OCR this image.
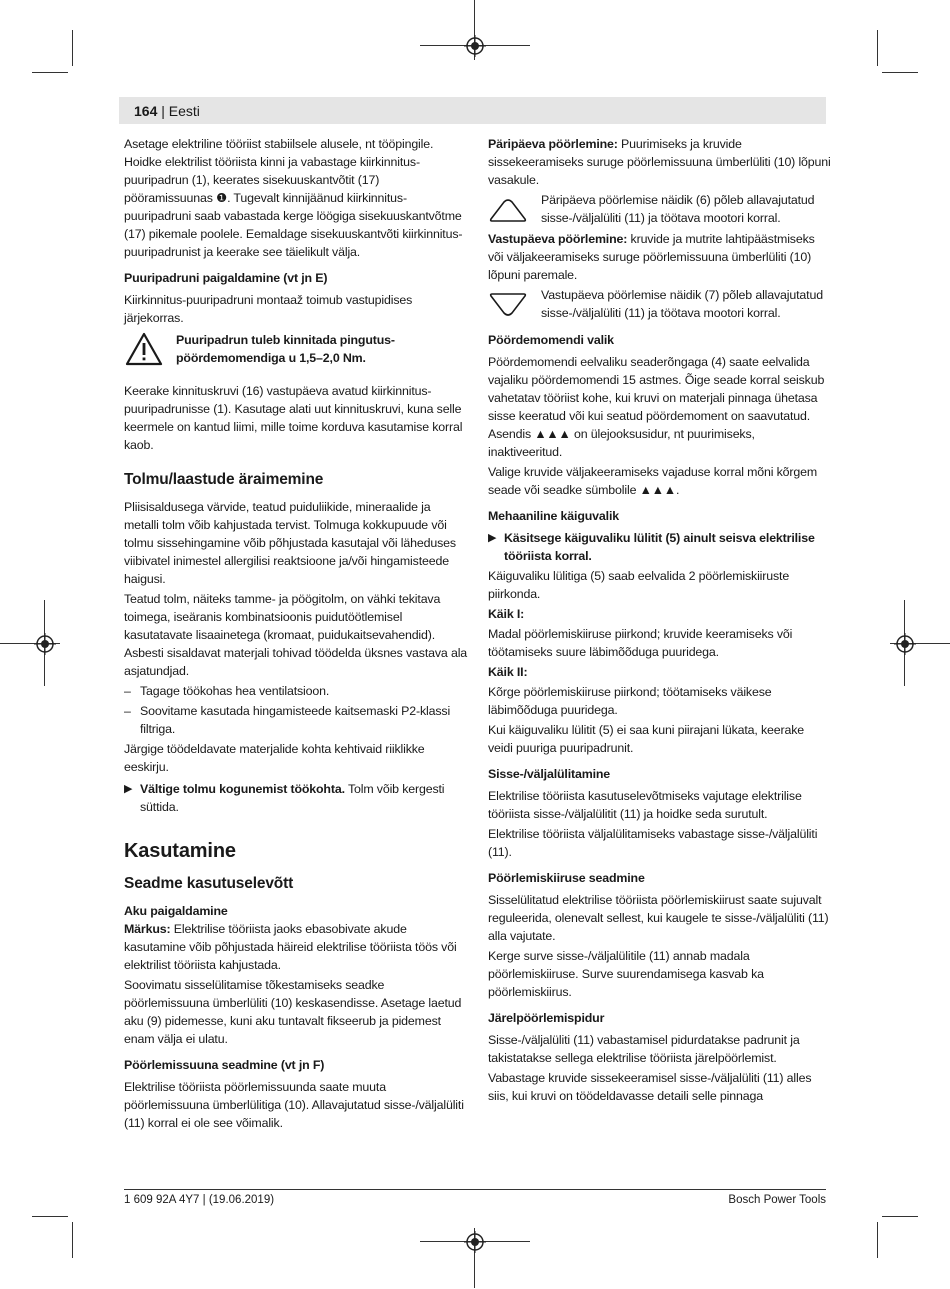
164 | Eesti

Asetage elektriline tööriist stabiilsele alusele, nt tööpingile. Hoidke elektrilist tööriista kinni ja vabastage kiirkinnitus-puuripadrun (1), keerates sisekuuskantvõtit (17) pööramissuunas ❶. Tugevalt kinnijäänud kiirkinnitus-puuripadruni saab vabastada kerge löögiga sisekuuskantvõtme (17) pikemale poolele. Eemaldage sisekuuskantvõti kiirkinnitus-puuripadrunist ja keerake see täielikult välja.

Puuripadruni paigaldamine (vt jn E)

Kiirkinnitus-puuripadruni montaaž toimub vastupidises järjekorras.

Puuripadrun tuleb kinnitada pingutus-pöördemomendiga u 1,5–2,0 Nm.

Keerake kinnituskruvi (16) vastupäeva avatud kiirkinnitus-puuripadrunisse (1). Kasutage alati uut kinnituskruvi, kuna selle keermele on kantud liimi, mille toime korduva kasutamise korral kaob.

Tolmu/laastude äraimemine

Pliisisaldusega värvide, teatud puiduliikide, mineraalide ja metalli tolm võib kahjustada tervist. Tolmuga kokkupuude või tolmu sissehingamine võib põhjustada kasutajal või läheduses viibivatel inimestel allergilisi reaktsioone ja/või hingamisteede haigusi.

Teatud tolm, näiteks tamme- ja pöögitolm, on vähki tekitava toimega, iseäranis kombinatsioonis puidutöötlemisel kasutatavate lisaainetega (kromaat, puidukaitsevahendid). Asbesti sisaldavat materjali tohivad töödelda üksnes vastava ala asjatundjad.

– Tagage töökohas hea ventilatsioon.
– Soovitame kasutada hingamisteede kaitsemaski P2-klassi filtriga.

Järgige töödeldavate materjalide kohta kehtivaid riiklikke eeskirju.

▶ Vältige tolmu kogunemist töökohta. Tolm võib kergesti süttida.
Kasutamine
Seadme kasutuselevõtt
Aku paigaldamine

Märkus: Elektrilise tööriista jaoks ebasobivate akude kasutamine võib põhjustada häireid elektrilise tööriista töös või elektrilist tööriista kahjustada.

Soovimatu sisselülitamise tõkestamiseks seadke pöörlemissuuna ümberlüliti (10) keskasendisse. Asetage laetud aku (9) pidemesse, kuni aku tuntavalt fikseerub ja pidemest enam välja ei ulatu.

Pöörlemissuuna seadmine (vt jn F)

Elektrilise tööriista pöörlemissuunda saate muuta pöörlemissuuna ümberlülitiga (10). Allavajutatud sisse-/väljalüliti (11) korral ei ole see võimalik.

Päripäeva pöörlemine: Puurimiseks ja kruvide sissekeeramiseks suruge pöörlemissuuna ümberlüliti (10) lõpuni vasakule.

Päripäeva pöörlemise näidik (6) põleb allavajutatud sisse-/väljalüliti (11) ja töötava mootori korral.

Vastupäeva pöörlemine: kruvide ja mutrite lahtipäästmiseks või väljakeeramiseks suruge pöörlemissuuna ümberlüliti (10) lõpuni paremale.

Vastupäeva pöörlemise näidik (7) põleb allavajutatud sisse-/väljalüliti (11) ja töötava mootori korral.
Pöördemomendi valik

Pöördemomendi eelvaliku seaderõngaga (4) saate eelvalida vajaliku pöördemomendi 15 astmes. Õige seade korral seiskub vahetatav tööriist kohe, kui kruvi on materjali pinnaga ühetasa sisse keeratud või kui seatud pöördemoment on saavutatud. Asendis ▲▲▲ on ülejooksusidur, nt puurimiseks, inaktiveeritud.

Valige kruvide väljakeeramiseks vajaduse korral mõni kõrgem seade või seadke sümbolile ▲▲▲.

Mehaaniline käiguvalik
▶ Käsitsege käiguvaliku lülitit (5) ainult seisva elektrilise tööriista korral.

Käiguvaliku lülitiga (5) saab eelvalida 2 pöörlemiskiiruste piirkonda.

Käik I:

Madal pöörlemiskiiruse piirkond; kruvide keeramiseks või töötamiseks suure läbimõõduga puuridega.

Käik II:

Kõrge pöörlemiskiiruse piirkond; töötamiseks väikese läbimõõduga puuridega.

Kui käiguvaliku lülitit (5) ei saa kuni piirajani lükata, keerake veidi puuriga puuripadrunit.

Sisse-/väljalülitamine

Elektrilise tööriista kasutuselevõtmiseks vajutage elektrilise tööriista sisse-/väljalülitit (11) ja hoidke seda surutult.

Elektrilise tööriista väljalülitamiseks vabastage sisse-/väljalüliti (11).

Pöörlemiskiiruse seadmine

Sisselülitatud elektrilise tööriista pöörlemiskiirust saate sujuvalt reguleerida, olenevalt sellest, kui kaugele te sisse-/väljalüliti (11) alla vajutate.

Kerge surve sisse-/väljalülitile (11) annab madala pöörlemiskiiruse. Surve suurendamisega kasvab ka pöörlemiskiirus.

Järelpöörlemispidur

Sisse-/väljalüliti (11) vabastamisel pidurdatakse padrunit ja takistatakse sellega elektrilise tööriista järelpöörlemist.

Vabastage kruvide sissekeeramisel sisse-/väljalüliti (11) alles siis, kui kruvi on töödeldavasse detaili selle pinnaga

1 609 92A 4Y7 | (19.06.2019)	Bosch Power Tools
